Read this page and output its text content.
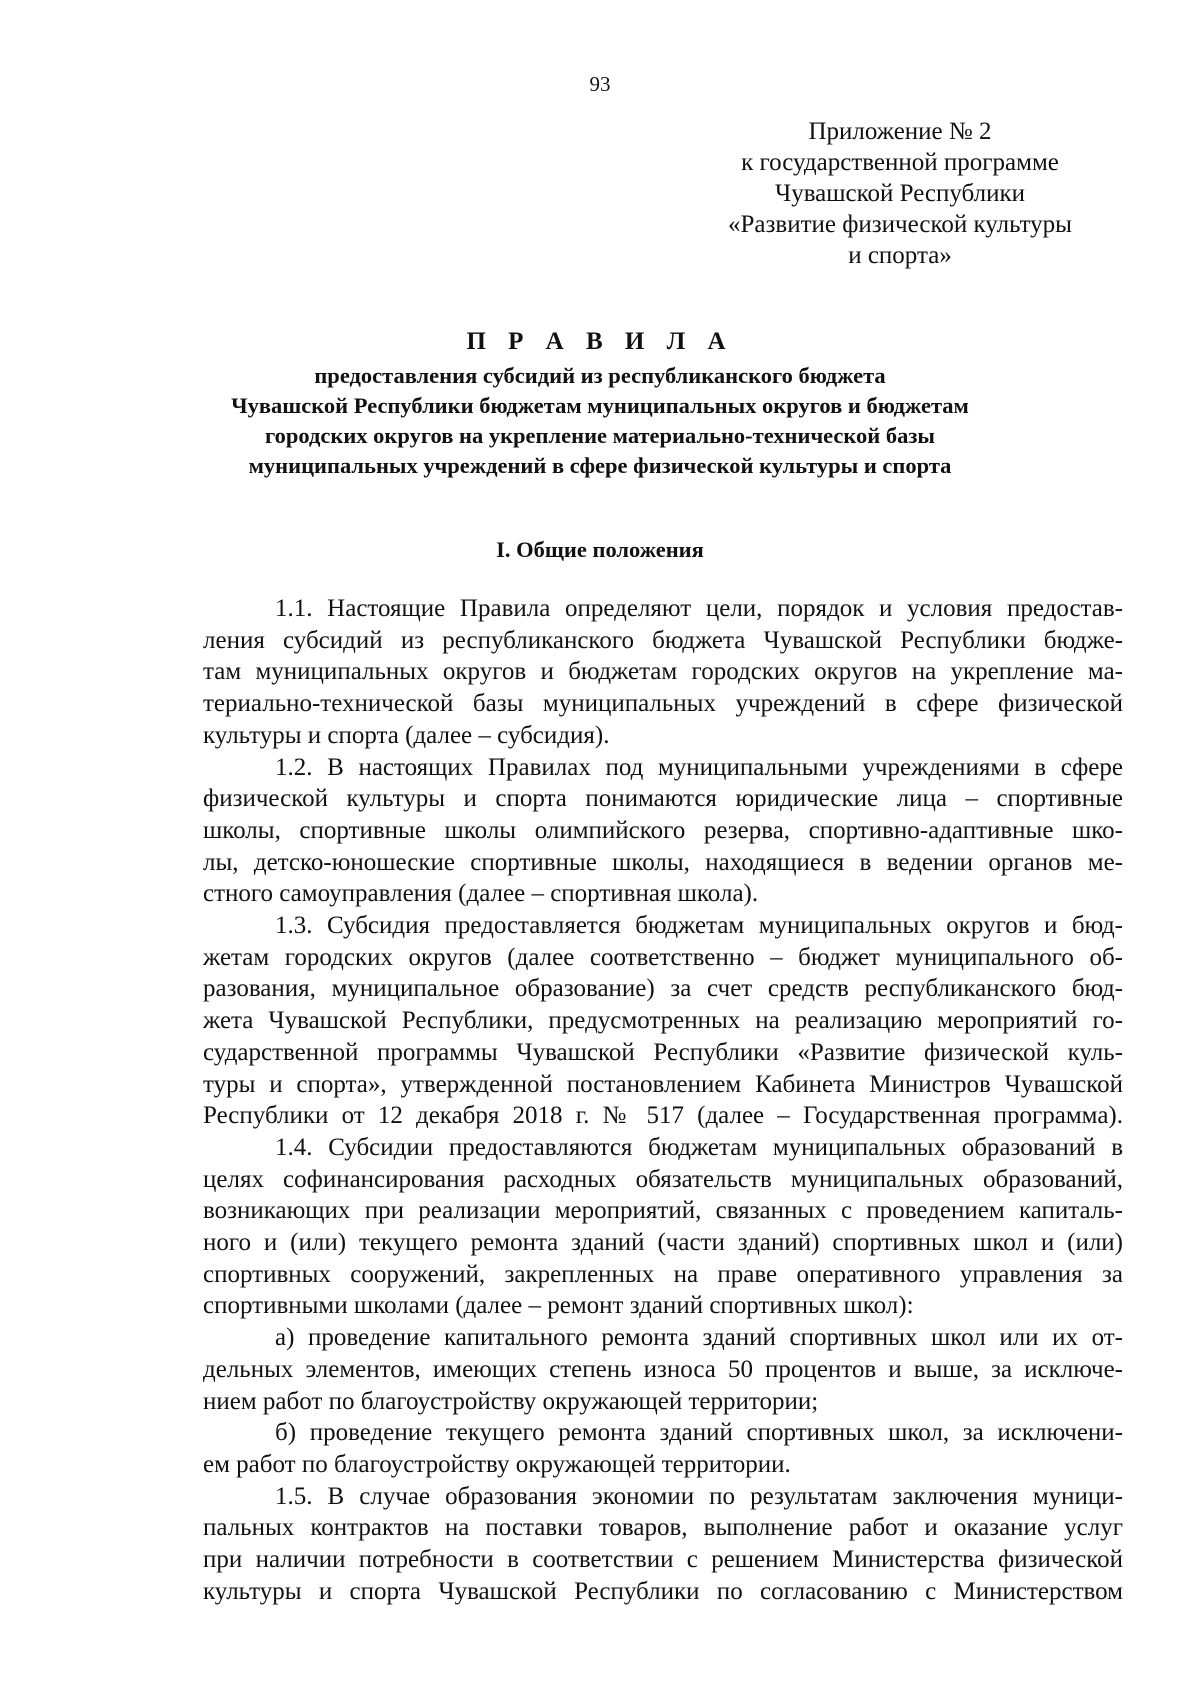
93
Приложение № 2
к государственной программе
Чувашской Республики
«Развитие физической культуры
и спорта»
П Р А В И Л А
предоставления субсидий из республиканского бюджета
Чувашской Республики бюджетам муниципальных округов и бюджетам
городских округов на укрепление материально-технической базы
муниципальных учреждений в сфере физической культуры и спорта
I. Общие положения
1.1. Настоящие Правила определяют цели, порядок и условия предостав-
ления субсидий из республиканского бюджета Чувашской Республики бюдже-
там муниципальных округов и бюджетам городских округов на укрепление ма-
териально-технической базы муниципальных учреждений в сфере физической
культуры и спорта (далее – субсидия).
1.2. В настоящих Правилах под муниципальными учреждениями в сфере
физической культуры и спорта понимаются юридические лица – спортивные
школы, спортивные школы олимпийского резерва, спортивно-адаптивные шко-
лы, детско-юношеские спортивные школы, находящиеся в ведении органов ме-
стного самоуправления (далее – спортивная школа).
1.3. Субсидия предоставляется бюджетам муниципальных округов и бюд-
жетам городских округов (далее соответственно – бюджет муниципального об-
разования, муниципальное образование) за счет средств республиканского бюд-
жета Чувашской Республики, предусмотренных на реализацию мероприятий го-
сударственной программы Чувашской Республики «Развитие физической куль-
туры и спорта», утвержденной постановлением Кабинета Министров Чувашской
Республики от 12 декабря 2018 г. № 517 (далее – Государственная программа).
1.4. Субсидии предоставляются бюджетам муниципальных образований в
целях софинансирования расходных обязательств муниципальных образований,
возникающих при реализации мероприятий, связанных с проведением капиталь-
ного и (или) текущего ремонта зданий (части зданий) спортивных школ и (или)
спортивных сооружений, закрепленных на праве оперативного управления за
спортивными школами (далее – ремонт зданий спортивных школ):
а) проведение капитального ремонта зданий спортивных школ или их от-
дельных элементов, имеющих степень износа 50 процентов и выше, за исключе-
нием работ по благоустройству окружающей территории;
б) проведение текущего ремонта зданий спортивных школ, за исключени-
ем работ по благоустройству окружающей территории.
1.5. В случае образования экономии по результатам заключения муници-
пальных контрактов на поставки товаров, выполнение работ и оказание услуг
при наличии потребности в соответствии с решением Министерства физической
культуры и спорта Чувашской Республики по согласованию с Министерством
